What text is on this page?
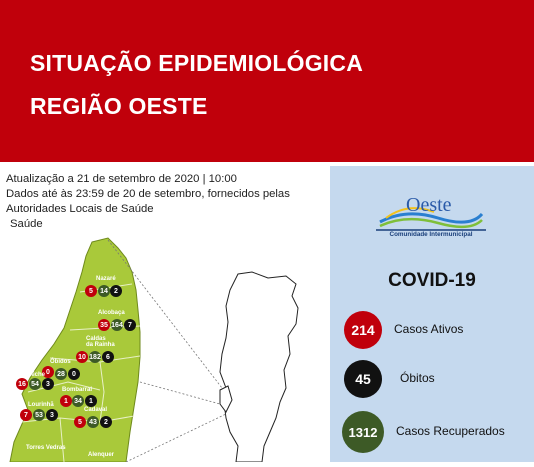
SITUAÇÃO EPIDEMIOLÓGICA
REGIÃO OESTE
Atualização a 21 de setembro de 2020 | 10:00
Dados até às 23:59 de 20 de setembro, fornecidos pelas
Autoridades Locais de Saúde
Saúde
Nazaré
5	14 2
Alcobaça
35 164 7
Caldas
da Rainha
10 182 6
Óbidos
0	28	0
Peniche
16 54	3
Bombarral
1 34	1
Lourinhã
7	53	3
Cadaval
5	43	2
Torres Vedras
Alenquer
Oeste
Comunidade Intermunicipal
COVID-19
214	Casos Ativos
45	Óbitos
1312	Casos Recuperados
